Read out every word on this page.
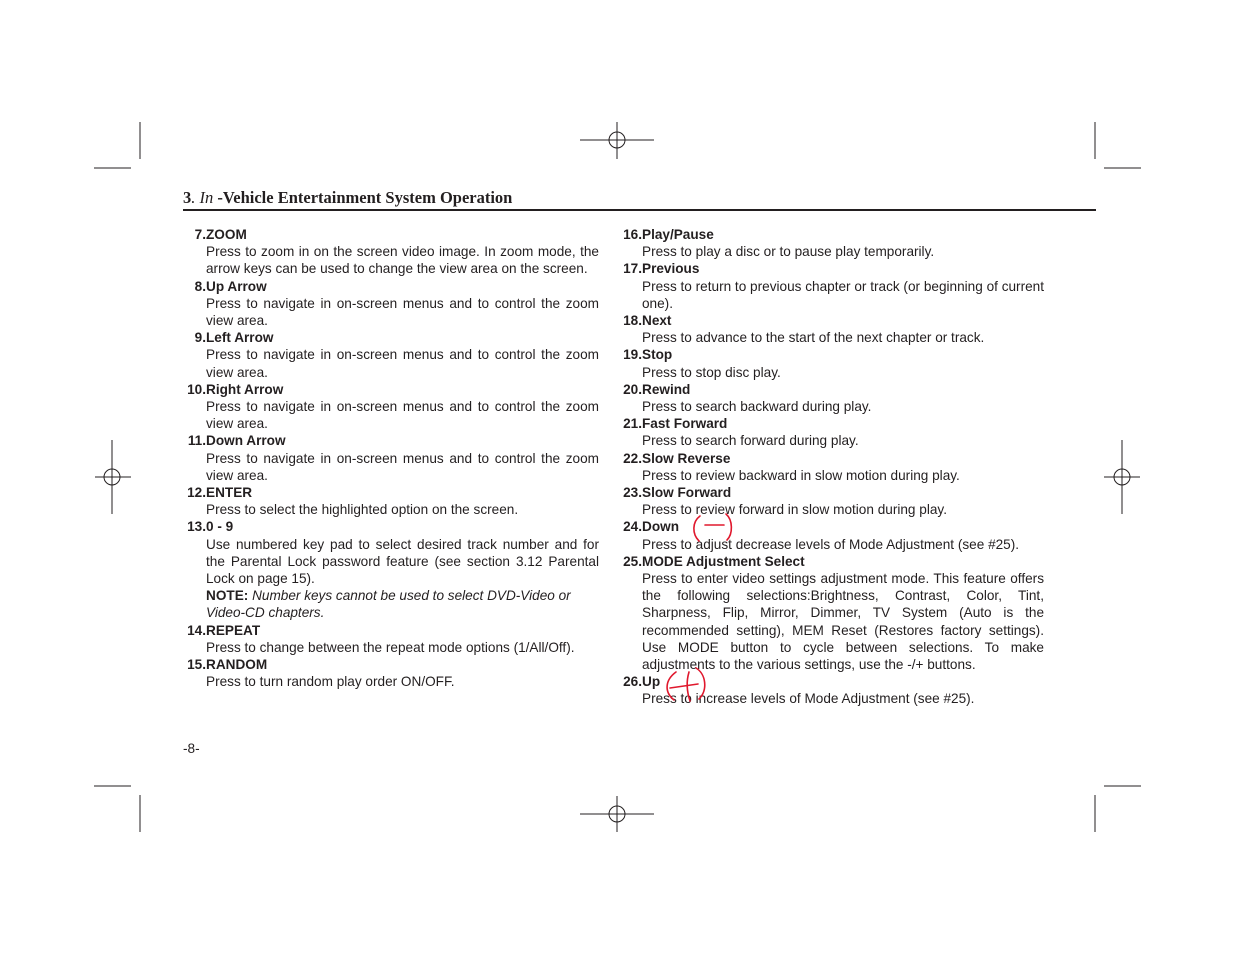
3. In -Vehicle Entertainment System Operation
7. ZOOM
Press to zoom in on the screen video image. In zoom mode, the arrow keys can be used to change the view area on the screen.
8. Up Arrow
Press to navigate in on-screen menus and to control the zoom view area.
9. Left Arrow
Press to navigate in on-screen menus and to control the zoom view area.
10. Right Arrow
Press to navigate in on-screen menus and to control the zoom view area.
11. Down Arrow
Press to navigate in on-screen menus and to control the zoom view area.
12. ENTER
Press to select the highlighted option on the screen.
13. 0 - 9
Use numbered key pad to select desired track number and for the Parental Lock password feature (see section 3.12 Parental Lock on page 15).
NOTE: Number keys cannot be used to select DVD-Video or Video-CD chapters.
14. REPEAT
Press to change between the repeat mode options (1/All/Off).
15. RANDOM
Press to turn random play order ON/OFF.
16. Play/Pause
Press to play a disc or to pause play temporarily.
17. Previous
Press to return to previous chapter or track (or beginning of current one).
18. Next
Press to advance to the start of the next chapter or track.
19. Stop
Press to stop disc play.
20. Rewind
Press to search backward during play.
21. Fast Forward
Press to search forward during play.
22. Slow Reverse
Press to review backward in slow motion during play.
23. Slow Forward
Press to review forward in slow motion during play.
24. Down
Press to adjust decrease levels of Mode Adjustment (see #25).
25. MODE Adjustment Select
Press to enter video settings adjustment mode. This feature offers the following selections:Brightness, Contrast, Color, Tint, Sharpness, Flip, Mirror, Dimmer, TV System (Auto is the recommended setting), MEM Reset (Restores factory settings). Use MODE button to cycle between selections. To make adjustments to the various settings, use the -/+ buttons.
26. Up
Press to increase levels of Mode Adjustment (see #25).
-8-
